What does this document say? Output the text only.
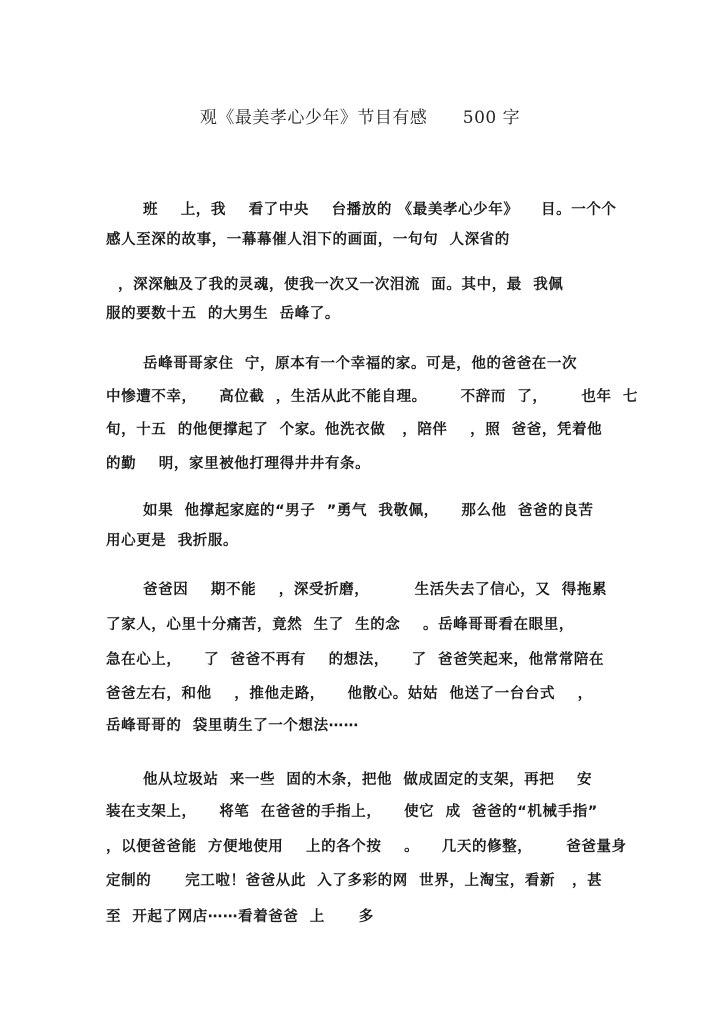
观《最美孝心少年》节目有感      500 字
班    上，我    看了中央    台播放的 《最美孝心少年》    目。一个个
感人至深的故事，一幕幕催人泪下的画面，一句句  人深省的
，深深触及了我的灵魂，使我一次又一次泪流  面。其中，最  我佩
服的要数十五  的大男生  岳峰了。
岳峰哥哥家住  宁，原本有一个幸福的家。可是，他的爸爸在一次
中惨遭不幸，    高位截  ，生活从此不能自理。      不辞而  了，      也年  七
旬，十五  的他便撑起了  个家。他洗衣做   ，陪伴    ，照  爸爸，凭着他
的勤    明，家里被他打理得井井有条。
如果  他撑起家庭的“男子  ”勇气  我敬佩，    那么他  爸爸的良苦
用心更是  我折服。
爸爸因    期不能    ，深受折磨，        生活失去了信心，又  得拖累
了家人，心里十分痛苦，竟然  生了  生的念    。岳峰哥哥看在眼里，
急在心上，    了  爸爸不再有    的想法，    了  爸爸笑起来，他常常陪在
爸爸左右，和他    ，推他走路，    他散心。姑姑  他送了一台台式    ，
岳峰哥哥的  袋里萌生了一个想法⋯⋯
他从垃圾站  来一些  固的木条，把他  做成固定的支架，再把    安
装在支架上，    将笔  在爸爸的手指上，    使它  成  爸爸的“机械手指”
，以便爸爸能  方便地使用    上的各个按    。    几天的修整，      爸爸量身
定制的      完工啦！爸爸从此  入了多彩的网  世界，上淘宝，看新   ，甚
至  开起了网店⋯⋯看着爸爸  上      多
